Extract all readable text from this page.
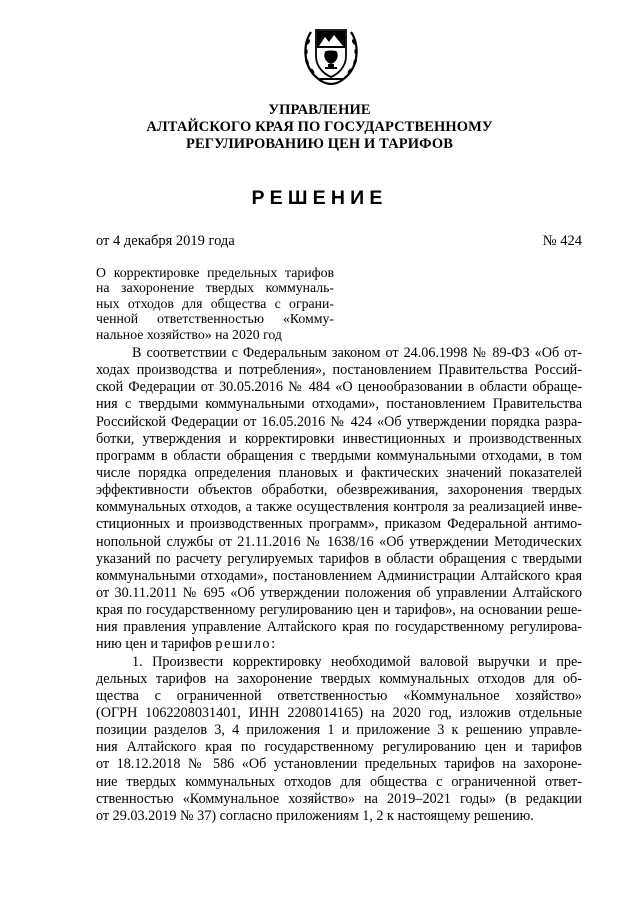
УПРАВЛЕНИЕ
АЛТАЙСКОГО КРАЯ ПО ГОСУДАРСТВЕННОМУ
РЕГУЛИРОВАНИЮ ЦЕН И ТАРИФОВ
РЕШЕНИЕ
от 4 декабря 2019 года	№ 424
О корректировке предельных тарифов
на захоронение твердых коммуналь-
ных отходов для общества с ограни-
ченной ответственностью «Комму-
нальное хозяйство» на 2020 год
В соответствии с Федеральным законом от 24.06.1998 № 89-ФЗ «Об от-
ходах производства и потребления», постановлением Правительства Россий-
ской Федерации от 30.05.2016 № 484 «О ценообразовании в области обраще-
ния с твердыми коммунальными отходами», постановлением Правительства
Российской Федерации от 16.05.2016 № 424 «Об утверждении порядка разра-
ботки, утверждения и корректировки инвестиционных и производственных
программ в области обращения с твердыми коммунальными отходами, в том
числе порядка определения плановых и фактических значений показателей
эффективности объектов обработки, обезвреживания, захоронения твердых
коммунальных отходов, а также осуществления контроля за реализацией инве-
стиционных и производственных программ», приказом Федеральной антимо-
нопольной службы от 21.11.2016 № 1638/16 «Об утверждении Методических
указаний по расчету регулируемых тарифов в области обращения с твердыми
коммунальными отходами», постановлением Администрации Алтайского края
от 30.11.2011 № 695 «Об утверждении положения об управлении Алтайского
края по государственному регулированию цен и тарифов», на основании реше-
ния правления управление Алтайского края по государственному регулирова-
нию цен и тарифов решило:
1. Произвести корректировку необходимой валовой выручки и пре-
дельных тарифов на захоронение твердых коммунальных отходов для об-
щества с ограниченной ответственностью «Коммунальное хозяйство»
(ОГРН 1062208031401, ИНН 2208014165) на 2020 год, изложив отдельные
позиции разделов 3, 4 приложения 1 и приложение 3 к решению управле-
ния Алтайского края по государственному регулированию цен и тарифов
от 18.12.2018 № 586 «Об установлении предельных тарифов на захороне-
ние твердых коммунальных отходов для общества с ограниченной ответ-
ственностью «Коммунальное хозяйство» на 2019–2021 годы» (в редакции
от 29.03.2019 № 37) согласно приложениям 1, 2 к настоящему решению.
